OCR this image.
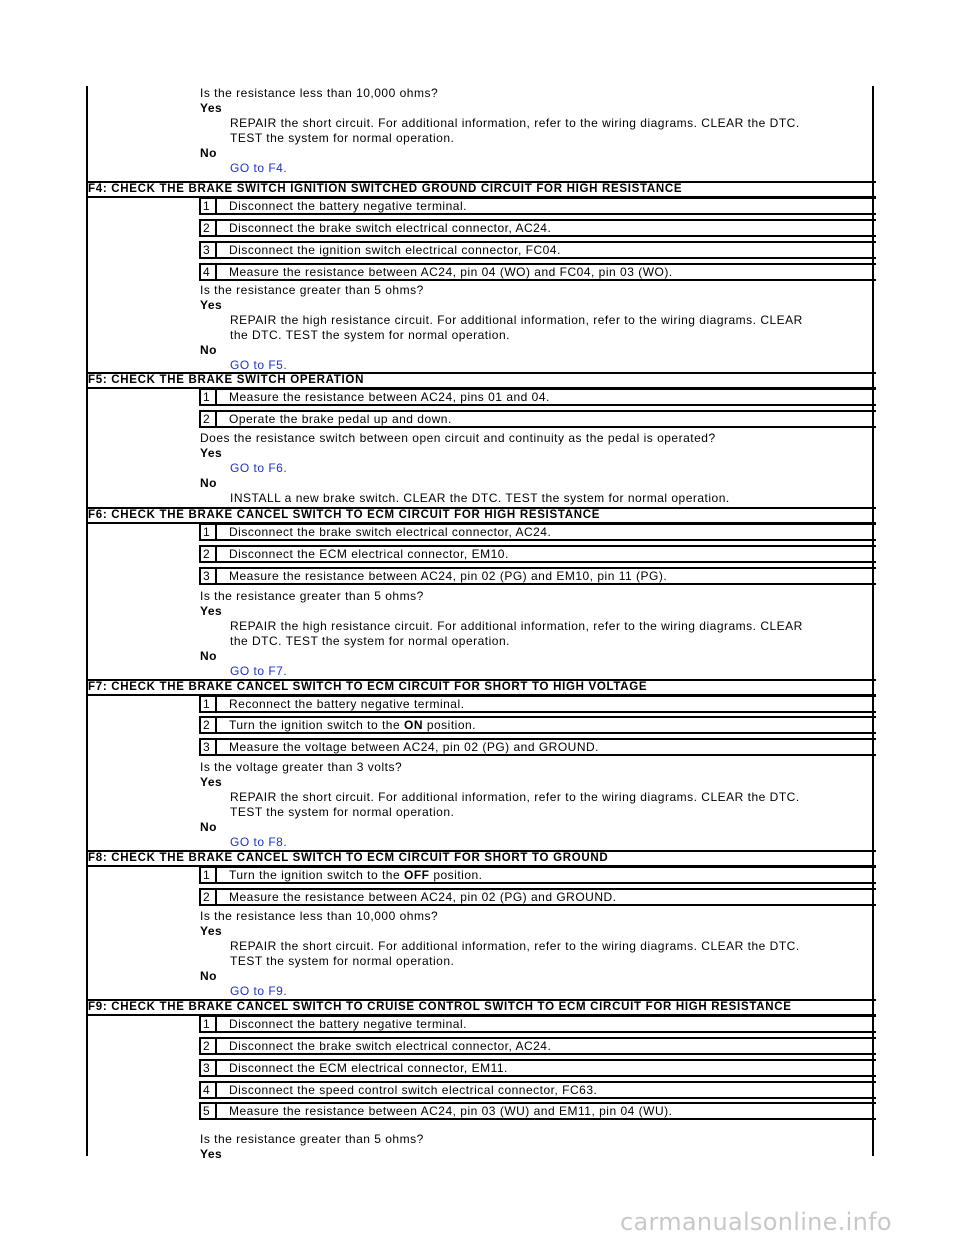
Is the resistance less than 10,000 ohms?
Yes
REPAIR the short circuit. For additional information, refer to the wiring diagrams. CLEAR the DTC.
TEST the system for normal operation.
No
GO to F4.
F4: CHECK THE BRAKE SWITCH IGNITION SWITCHED GROUND CIRCUIT FOR HIGH RESISTANCE
1	Disconnect the battery negative terminal.
2	Disconnect the brake switch electrical connector, AC24.
3	Disconnect the ignition switch electrical connector, FC04.
4	Measure the resistance between AC24, pin 04 (WO) and FC04, pin 03 (WO).
Is the resistance greater than 5 ohms?
Yes
REPAIR the high resistance circuit. For additional information, refer to the wiring diagrams. CLEAR
the DTC. TEST the system for normal operation.
No
GO to F5.
F5: CHECK THE BRAKE SWITCH OPERATION
1	Measure the resistance between AC24, pins 01 and 04.
2	Operate the brake pedal up and down.
Does the resistance switch between open circuit and continuity as the pedal is operated?
Yes
GO to F6.
No
INSTALL a new brake switch. CLEAR the DTC. TEST the system for normal operation.
F6: CHECK THE BRAKE CANCEL SWITCH TO ECM CIRCUIT FOR HIGH RESISTANCE
1	Disconnect the brake switch electrical connector, AC24.
2	Disconnect the ECM electrical connector, EM10.
3	Measure the resistance between AC24, pin 02 (PG) and EM10, pin 11 (PG).
Is the resistance greater than 5 ohms?
Yes
REPAIR the high resistance circuit. For additional information, refer to the wiring diagrams. CLEAR
the DTC. TEST the system for normal operation.
No
GO to F7.
F7: CHECK THE BRAKE CANCEL SWITCH TO ECM CIRCUIT FOR SHORT TO HIGH VOLTAGE
1	Reconnect the battery negative terminal.
2	Turn the ignition switch to the ON position.
3	Measure the voltage between AC24, pin 02 (PG) and GROUND.
Is the voltage greater than 3 volts?
Yes
REPAIR the short circuit. For additional information, refer to the wiring diagrams. CLEAR the DTC.
TEST the system for normal operation.
No
GO to F8.
F8: CHECK THE BRAKE CANCEL SWITCH TO ECM CIRCUIT FOR SHORT TO GROUND
1	Turn the ignition switch to the OFF position.
2	Measure the resistance between AC24, pin 02 (PG) and GROUND.
Is the resistance less than 10,000 ohms?
Yes
REPAIR the short circuit. For additional information, refer to the wiring diagrams. CLEAR the DTC.
TEST the system for normal operation.
No
GO to F9.
F9: CHECK THE BRAKE CANCEL SWITCH TO CRUISE CONTROL SWITCH TO ECM CIRCUIT FOR HIGH RESISTANCE
1	Disconnect the battery negative terminal.
2	Disconnect the brake switch electrical connector, AC24.
3	Disconnect the ECM electrical connector, EM11.
4	Disconnect the speed control switch electrical connector, FC63.
5	Measure the resistance between AC24, pin 03 (WU) and EM11, pin 04 (WU).
Is the resistance greater than 5 ohms?
Yes
carmanualsonline.info
